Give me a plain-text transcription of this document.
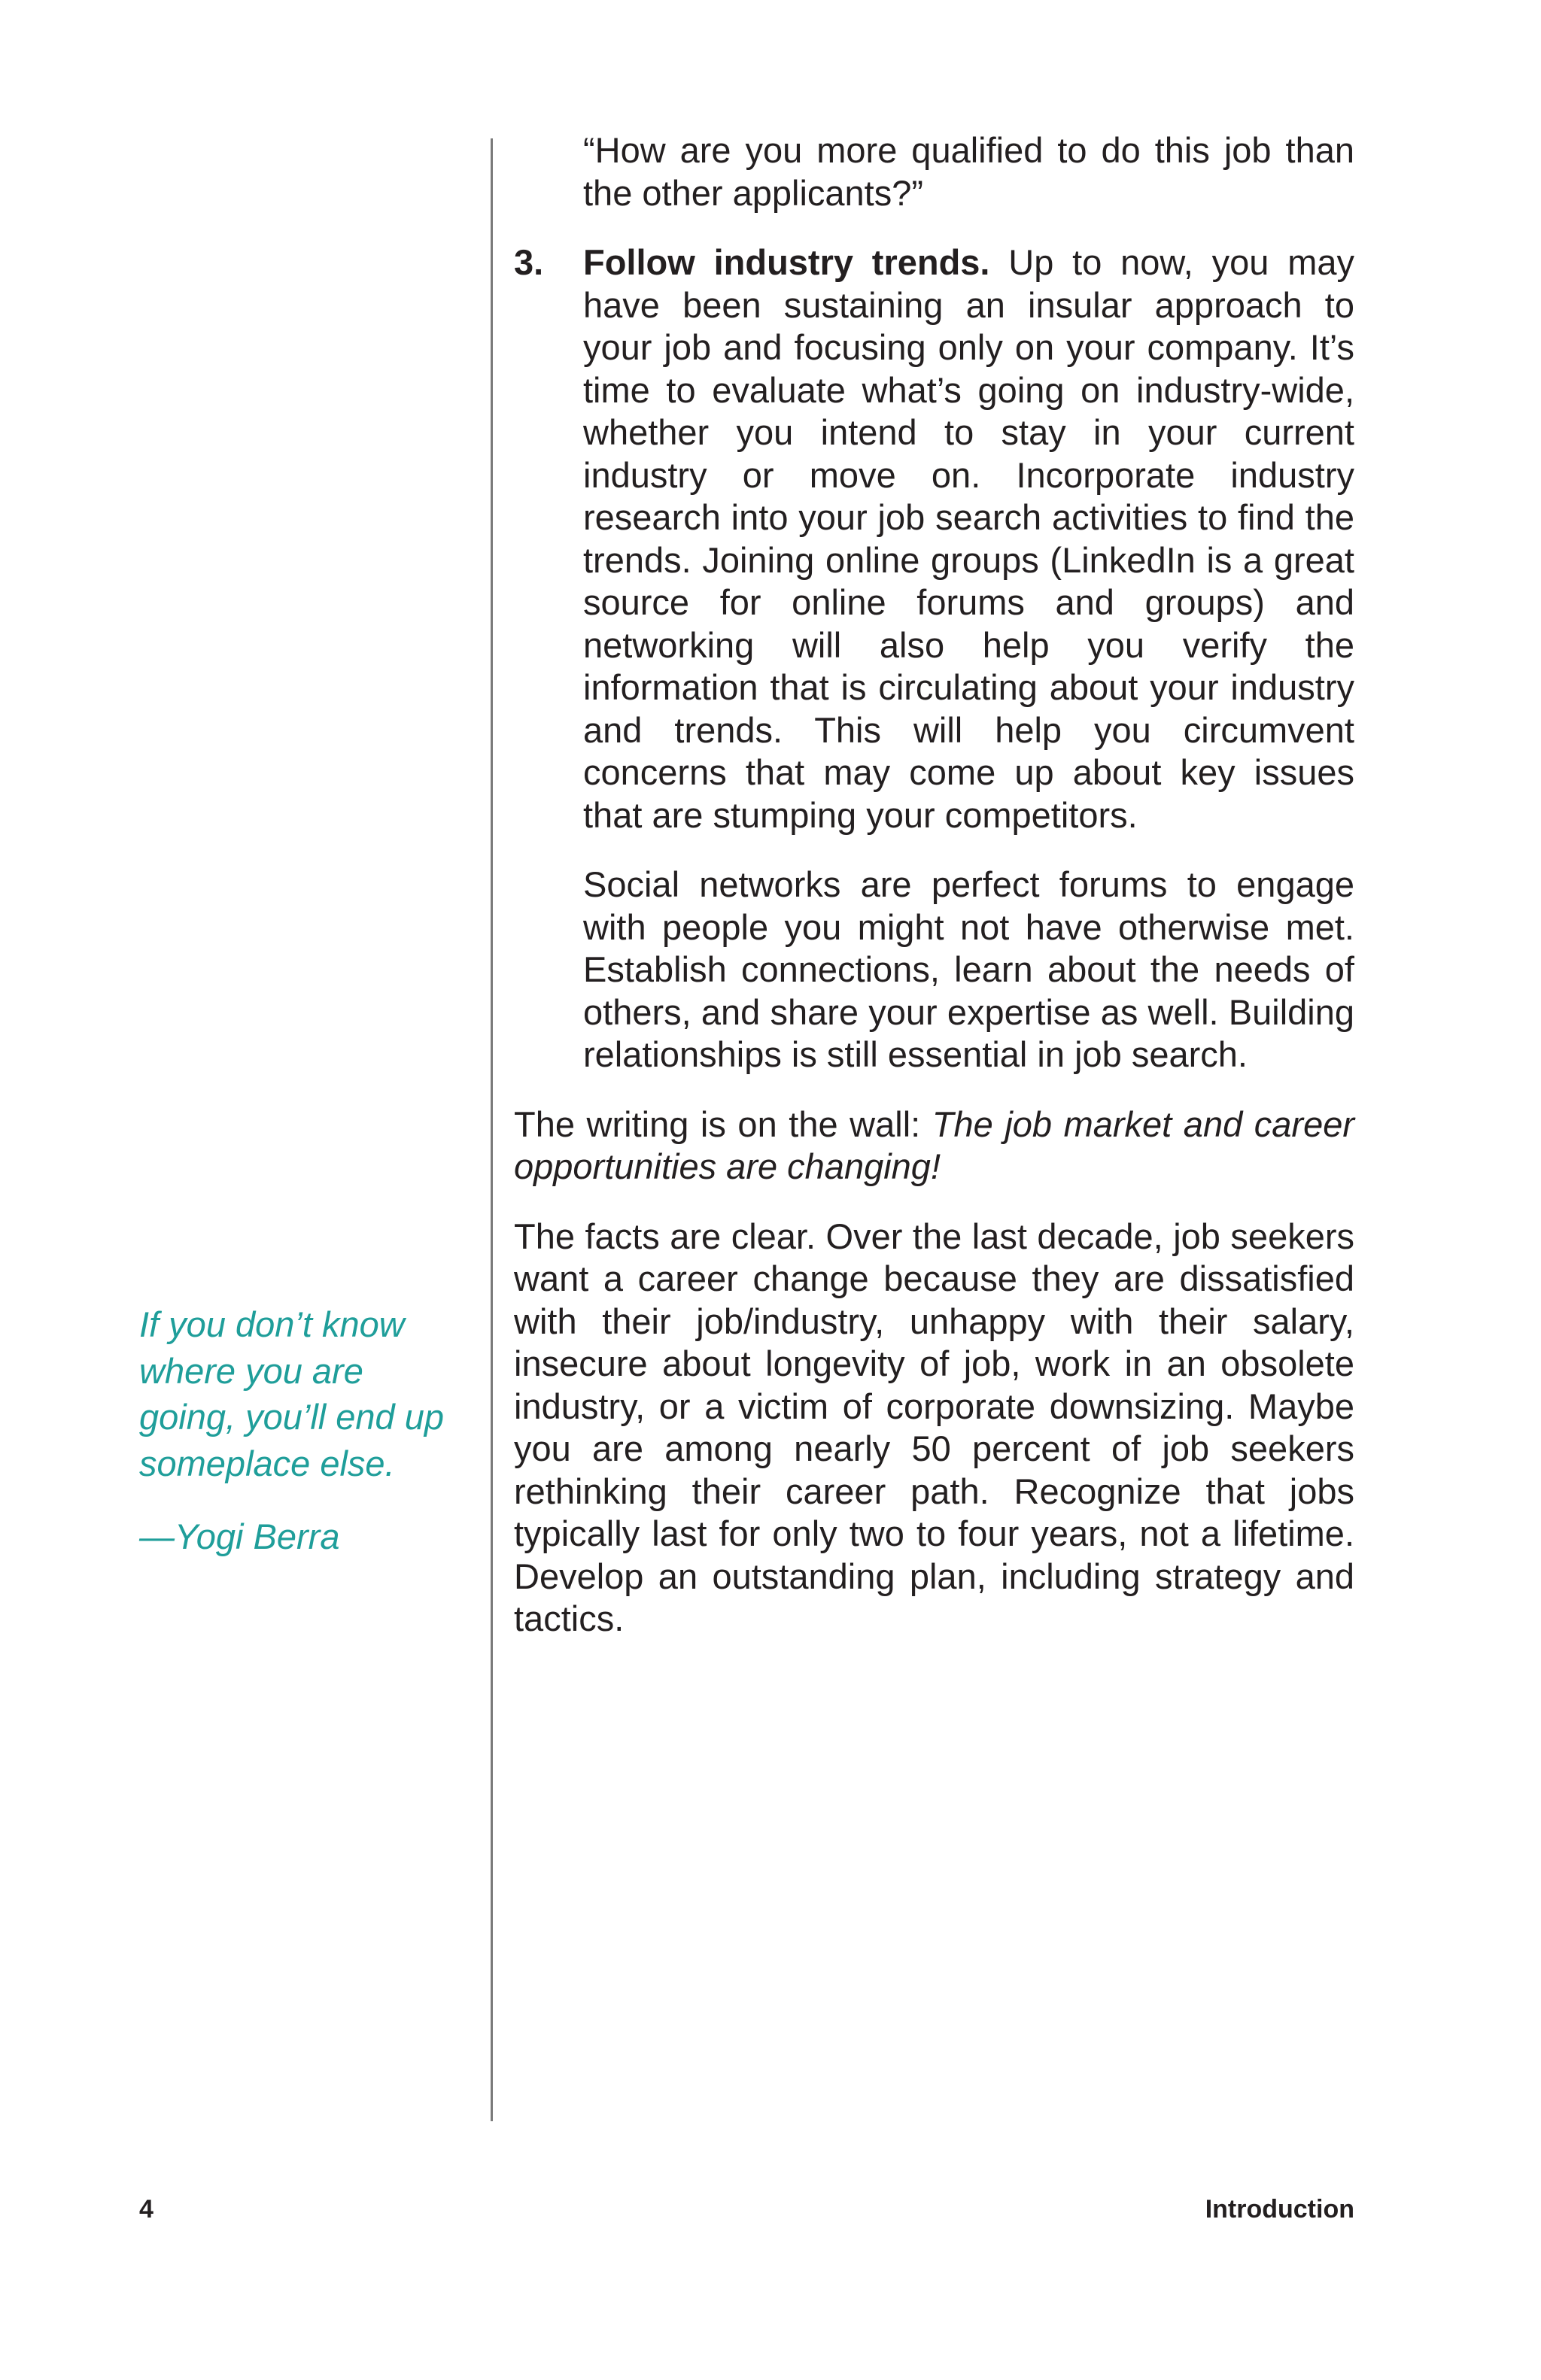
“How are you more qualified to do this job than the other applicants?”

3. Follow industry trends. Up to now, you may have been sustaining an insular approach to your job and focusing only on your company. It’s time to evaluate what’s going on industry-wide, whether you intend to stay in your current industry or move on. Incorporate industry research into your job search activities to find the trends. Joining online groups (LinkedIn is a great source for online forums and groups) and networking will also help you verify the information that is circulating about your industry and trends. This will help you circumvent concerns that may come up about key issues that are stumping your competitors.

Social networks are perfect forums to engage with people you might not have otherwise met. Establish connections, learn about the needs of others, and share your expertise as well. Building relationships is still essential in job search.

The writing is on the wall: The job market and career opportunities are changing!

The facts are clear. Over the last decade, job seekers want a career change because they are dissatisfied with their job/industry, unhappy with their salary, insecure about longevity of job, work in an obsolete industry, or a victim of corporate downsizing. Maybe you are among nearly 50 percent of job seekers rethinking their career path. Recognize that jobs typically last for only two to four years, not a lifetime. Develop an outstanding plan, including strategy and tactics.

If you don’t know where you are going, you’ll end up someplace else.

—Yogi Berra

4	Introduction
